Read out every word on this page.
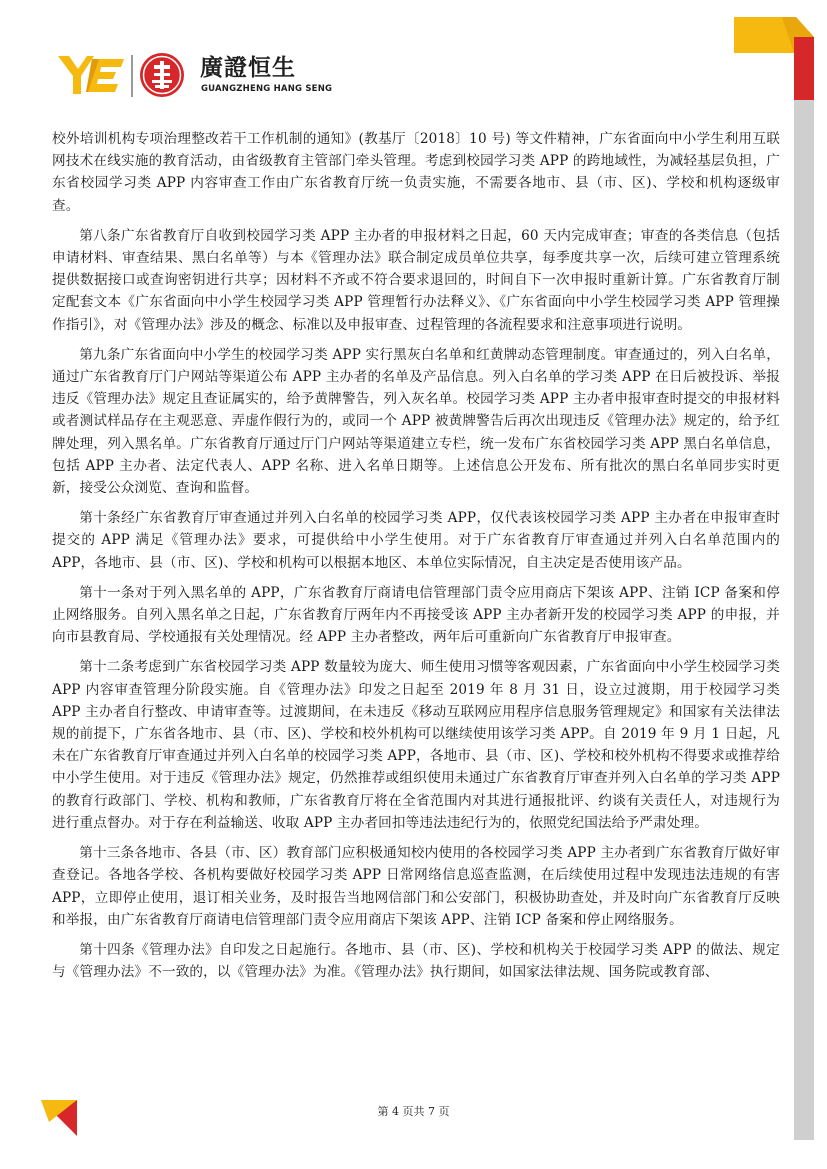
廣證恒生
GUANGZHENG HANG SENG

校外培训机构专项治理整改若干工作机制的通知》(教基厅〔2018〕10 号) 等文件精神，广东省面向中小学生利用互联网技术在线实施的教育活动，由省级教育主管部门牵头管理。考虑到校园学习类 APP 的跨地域性，为减轻基层负担，广东省校园学习类 APP 内容审查工作由广东省教育厅统一负责实施，不需要各地市、县（市、区)、学校和机构逐级审查。

第八条广东省教育厅自收到校园学习类 APP 主办者的申报材料之日起，60 天内完成审查；审查的各类信息（包括申请材料、审查结果、黑白名单等）与本《管理办法》联合制定成员单位共享，每季度共享一次，后续可建立管理系统提供数据接口或查询密钥进行共享；因材料不齐或不符合要求退回的，时间自下一次申报时重新计算。广东省教育厅制定配套文本《广东省面向中小学生校园学习类 APP 管理暂行办法释义》、《广东省面向中小学生校园学习类 APP 管理操作指引》，对《管理办法》涉及的概念、标准以及申报审查、过程管理的各流程要求和注意事项进行说明。

第九条广东省面向中小学生的校园学习类 APP 实行黑灰白名单和红黄牌动态管理制度。审查通过的，列入白名单，通过广东省教育厅门户网站等渠道公布 APP 主办者的名单及产品信息。列入白名单的学习类 APP 在日后被投诉、举报违反《管理办法》规定且查证属实的，给予黄牌警告，列入灰名单。校园学习类 APP 主办者申报审查时提交的申报材料或者测试样品存在主观恶意、弄虚作假行为的，或同一个 APP 被黄牌警告后再次出现违反《管理办法》规定的，给予红牌处理，列入黑名单。广东省教育厅通过厅门户网站等渠道建立专栏，统一发布广东省校园学习类 APP 黑白名单信息，包括 APP 主办者、法定代表人、APP 名称、进入名单日期等。上述信息公开发布、所有批次的黑白名单同步实时更新，接受公众浏览、查询和监督。

第十条经广东省教育厅审查通过并列入白名单的校园学习类 APP，仅代表该校园学习类 APP 主办者在申报审查时提交的 APP 满足《管理办法》要求，可提供给中小学生使用。对于广东省教育厅审查通过并列入白名单范围内的 APP，各地市、县（市、区)、学校和机构可以根据本地区、本单位实际情况，自主决定是否使用该产品。

第十一条对于列入黑名单的 APP，广东省教育厅商请电信管理部门责令应用商店下架该 APP、注销 ICP 备案和停止网络服务。自列入黑名单之日起，广东省教育厅两年内不再接受该 APP 主办者新开发的校园学习类 APP 的申报，并向市县教育局、学校通报有关处理情况。经 APP 主办者整改，两年后可重新向广东省教育厅申报审查。

第十二条考虑到广东省校园学习类 APP 数量较为庞大、师生使用习惯等客观因素，广东省面向中小学生校园学习类 APP 内容审查管理分阶段实施。自《管理办法》印发之日起至 2019 年 8 月 31 日，设立过渡期，用于校园学习类 APP 主办者自行整改、申请审查等。过渡期间，在未违反《移动互联网应用程序信息服务管理规定》和国家有关法律法规的前提下，广东省各地市、县（市、区)、学校和校外机构可以继续使用该学习类 APP。自 2019 年 9 月 1 日起，凡未在广东省教育厅审查通过并列入白名单的校园学习类 APP，各地市、县（市、区)、学校和校外机构不得要求或推荐给中小学生使用。对于违反《管理办法》规定，仍然推荐或组织使用未通过广东省教育厅审查并列入白名单的学习类 APP 的教育行政部门、学校、机构和教师，广东省教育厅将在全省范围内对其进行通报批评、约谈有关责任人，对违规行为进行重点督办。对于存在利益输送、收取 APP 主办者回扣等违法违纪行为的，依照党纪国法给予严肃处理。

第十三条各地市、各县（市、区）教育部门应积极通知校内使用的各校园学习类 APP 主办者到广东省教育厅做好审查登记。各地各学校、各机构要做好校园学习类 APP 日常网络信息巡查监测，在后续使用过程中发现违法违规的有害 APP，立即停止使用，退订相关业务，及时报告当地网信部门和公安部门，积极协助查处，并及时向广东省教育厅反映和举报，由广东省教育厅商请电信管理部门责令应用商店下架该 APP、注销 ICP 备案和停止网络服务。

第十四条《管理办法》自印发之日起施行。各地市、县（市、区)、学校和机构关于校园学习类 APP 的做法、规定与《管理办法》不一致的，以《管理办法》为准。《管理办法》执行期间，如国家法律法规、国务院或教育部、

第 4 页共 7 页
